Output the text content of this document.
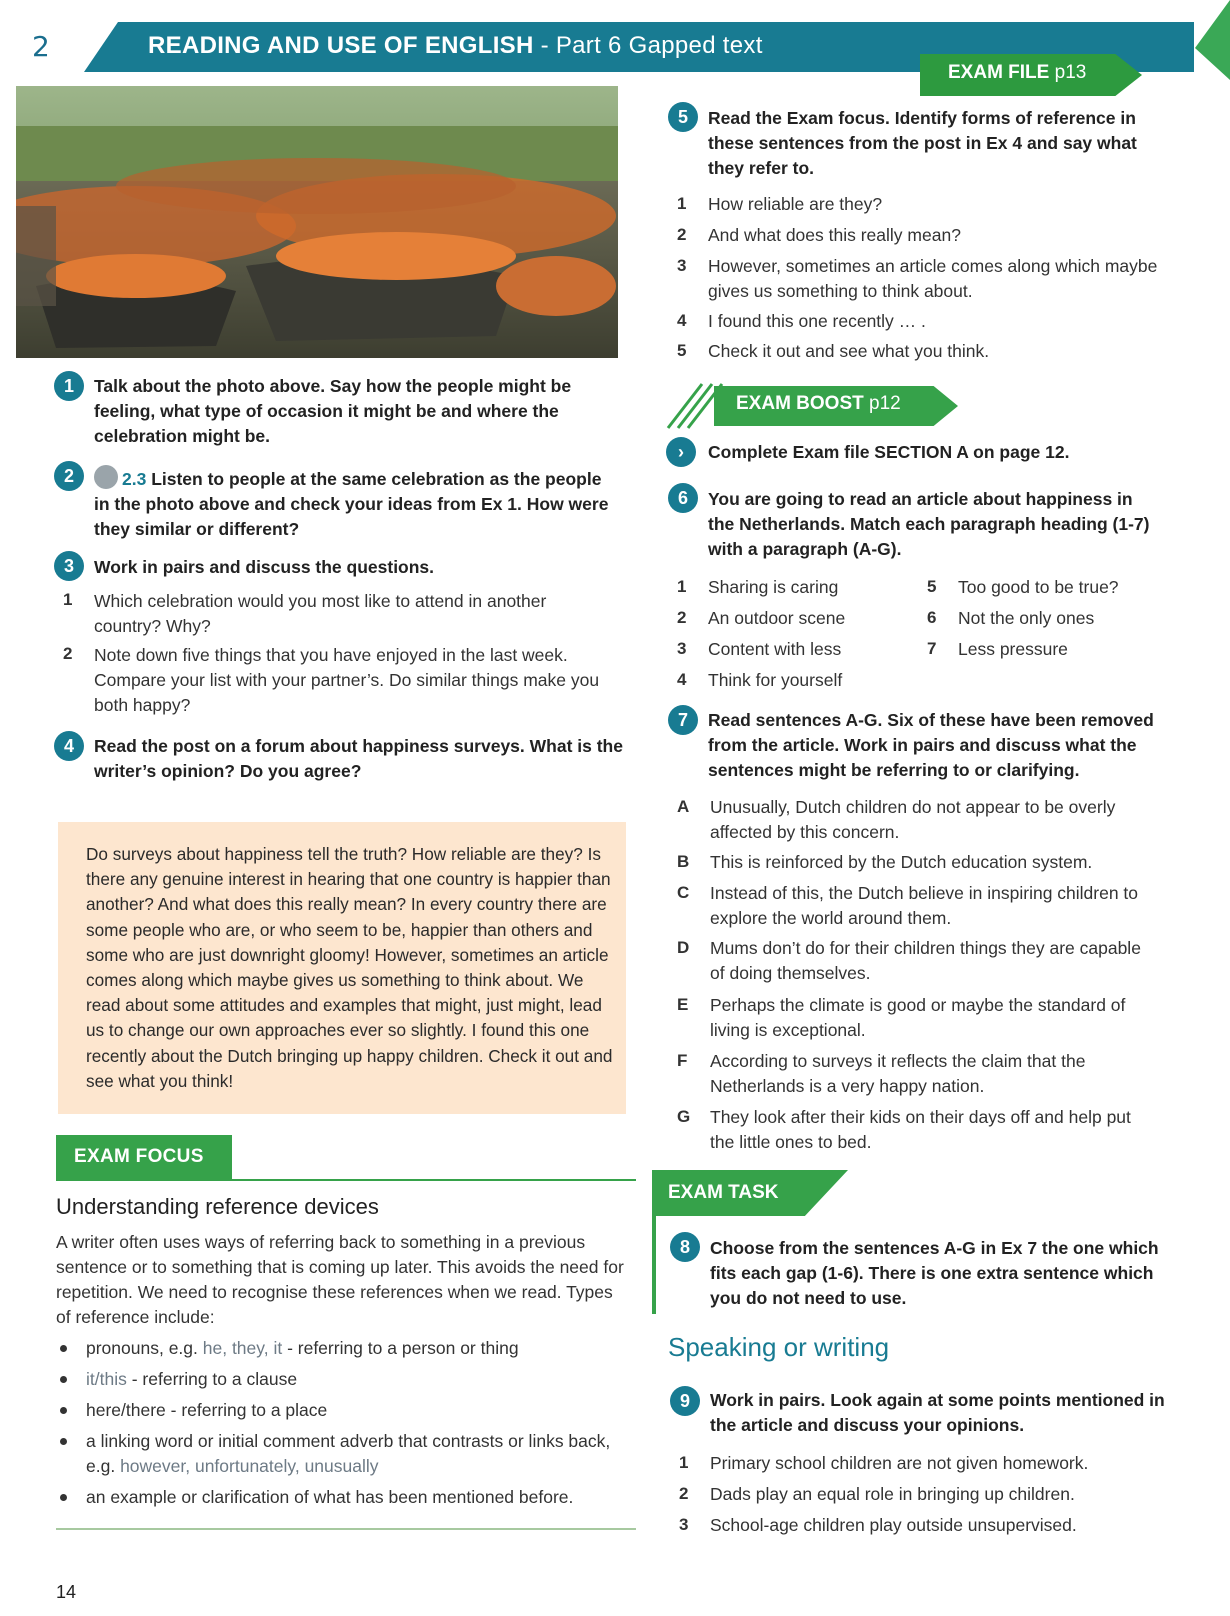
2	READING AND USE OF ENGLISH - Part 6 Gapped text
EXAM FILE p13
1	Talk about the photo above. Say how the people might be feeling, what type of occasion it might be and where the celebration might be.
2	2.3 Listen to people at the same celebration as the people in the photo above and check your ideas from Ex 1. How were they similar or different?
3	Work in pairs and discuss the questions.
1 Which celebration would you most like to attend in another country? Why?
2 Note down five things that you have enjoyed in the last week. Compare your list with your partner’s. Do similar things make you both happy?
4	Read the post on a forum about happiness surveys. What is the writer’s opinion? Do you agree?
Do surveys about happiness tell the truth? How reliable are they? Is there any genuine interest in hearing that one country is happier than another? And what does this really mean? In every country there are some people who are, or who seem to be, happier than others and some who are just downright gloomy! However, sometimes an article comes along which maybe gives us something to think about. We read about some attitudes and examples that might, just might, lead us to change our own approaches ever so slightly. I found this one recently about the Dutch bringing up happy children. Check it out and see what you think!
EXAM FOCUS
Understanding reference devices
A writer often uses ways of referring back to something in a previous sentence or to something that is coming up later. This avoids the need for repetition. We need to recognise these references when we read. Types of reference include:
pronouns, e.g. he, they, it - referring to a person or thing
it/this - referring to a clause
here/there - referring to a place
a linking word or initial comment adverb that contrasts or links back, e.g. however, unfortunately, unusually
an example or clarification of what has been mentioned before.
14
5	Read the Exam focus. Identify forms of reference in these sentences from the post in Ex 4 and say what they refer to.
1 How reliable are they?
2 And what does this really mean?
3 However, sometimes an article comes along which maybe gives us something to think about.
4 I found this one recently … .
5 Check it out and see what you think.
EXAM BOOST p12
›	Complete Exam file SECTION A on page 12.
6	You are going to read an article about happiness in the Netherlands. Match each paragraph heading (1-7) with a paragraph (A-G).
1 Sharing is caring
2 An outdoor scene
3 Content with less
4 Think for yourself
5 Too good to be true?
6 Not the only ones
7 Less pressure
7	Read sentences A-G. Six of these have been removed from the article. Work in pairs and discuss what the sentences might be referring to or clarifying.
A Unusually, Dutch children do not appear to be overly affected by this concern.
B This is reinforced by the Dutch education system.
C Instead of this, the Dutch believe in inspiring children to explore the world around them.
D Mums don’t do for their children things they are capable of doing themselves.
E Perhaps the climate is good or maybe the standard of living is exceptional.
F According to surveys it reflects the claim that the Netherlands is a very happy nation.
G They look after their kids on their days off and help put the little ones to bed.
EXAM TASK
8	Choose from the sentences A-G in Ex 7 the one which fits each gap (1-6). There is one extra sentence which you do not need to use.
Speaking or writing
9	Work in pairs. Look again at some points mentioned in the article and discuss your opinions.
1 Primary school children are not given homework.
2 Dads play an equal role in bringing up children.
3 School-age children play outside unsupervised.
